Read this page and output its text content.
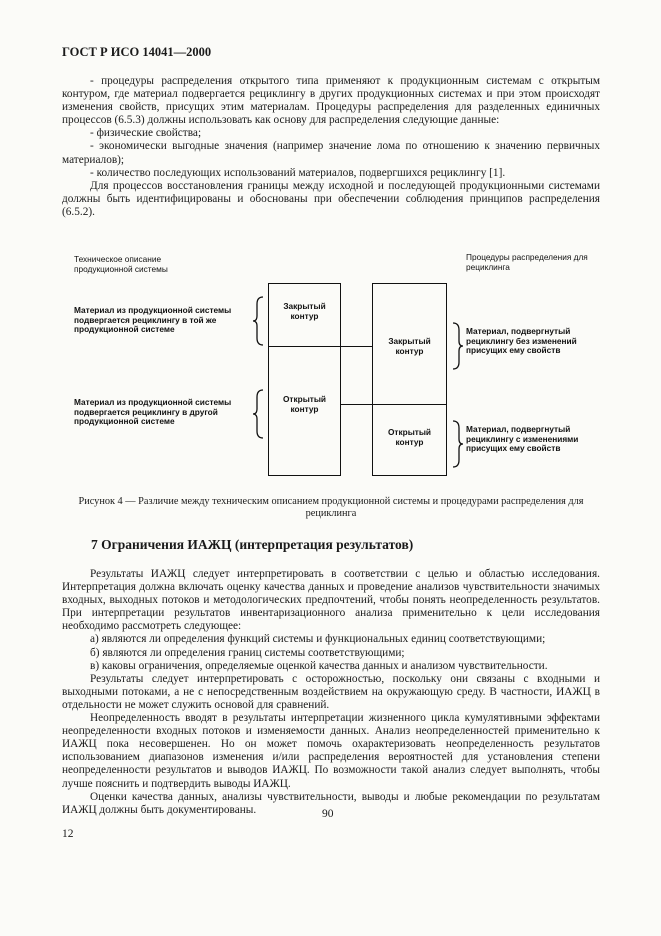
ГОСТ Р ИСО 14041—2000

- процедуры распределения открытого типа применяют к продукционным системам с открытым контуром, где материал подвергается рециклингу в других продукционных системах и при этом происходят изменения свойств, присущих этим материалам. Процедуры распределения для разделенных единичных процессов (6.5.3) должны использовать как основу для распределения следующие данные:

- физические свойства;

- экономически выгодные значения (например значение лома по отношению к значению первичных материалов);

- количество последующих использований материалов, подвергшихся рециклингу [1].

Для процессов восстановления границы между исходной и последующей продукционными системами должны быть идентифицированы и обоснованы при обеспечении соблюдения принципов распределения (6.5.2).

Техническое описание продукционной системы
Процедуры распределения для рециклинга
Материал из продукционной системы подвергается рециклингу в той же продукционной системе
Материал из продукционной системы подвергается рециклингу в другой продукционной системе
Закрытый контур
Открытый контур
Закрытый контур
Открытый контур
Материал, подвергнутый рециклингу без изменений присущих ему свойств
Материал, подвергнутый рециклингу с изменениями присущих ему свойств
Рисунок 4 — Различие между техническим описанием продукционной системы и процедурами распределения для рециклинга
7 Ограничения ИАЖЦ (интерпретация результатов)

Результаты ИАЖЦ следует интерпретировать в соответствии с целью и областью исследования. Интерпретация должна включать оценку качества данных и проведение анализов чувствительности значимых входных, выходных потоков и методологических предпочтений, чтобы понять неопределенность результатов. При интерпретации результатов инвентаризационного анализа применительно к цели исследования необходимо рассмотреть следующее:

а) являются ли определения функций системы и функциональных единиц соответствующими;

б) являются ли определения границ системы соответствующими;

в) каковы ограничения, определяемые оценкой качества данных и анализом чувствительности.

Результаты следует интерпретировать с осторожностью, поскольку они связаны с входными и выходными потоками, а не с непосредственным воздействием на окружающую среду. В частности, ИАЖЦ в отдельности не может служить основой для сравнений.

Неопределенность вводят в результаты интерпретации жизненного цикла кумулятивными эффектами неопределенности входных потоков и изменяемости данных. Анализ неопределенностей применительно к ИАЖЦ пока несовершенен. Но он может помочь охарактеризовать неопределенность результатов использованием диапазонов изменения и/или распределения вероятностей для установления степени неопределенности результатов и выводов ИАЖЦ. По возможности такой анализ следует выполнять, чтобы лучше пояснить и подтвердить выводы ИАЖЦ.

Оценки качества данных, анализы чувствительности, выводы и любые рекомендации по результатам ИАЖЦ должны быть документированы.	90
12
